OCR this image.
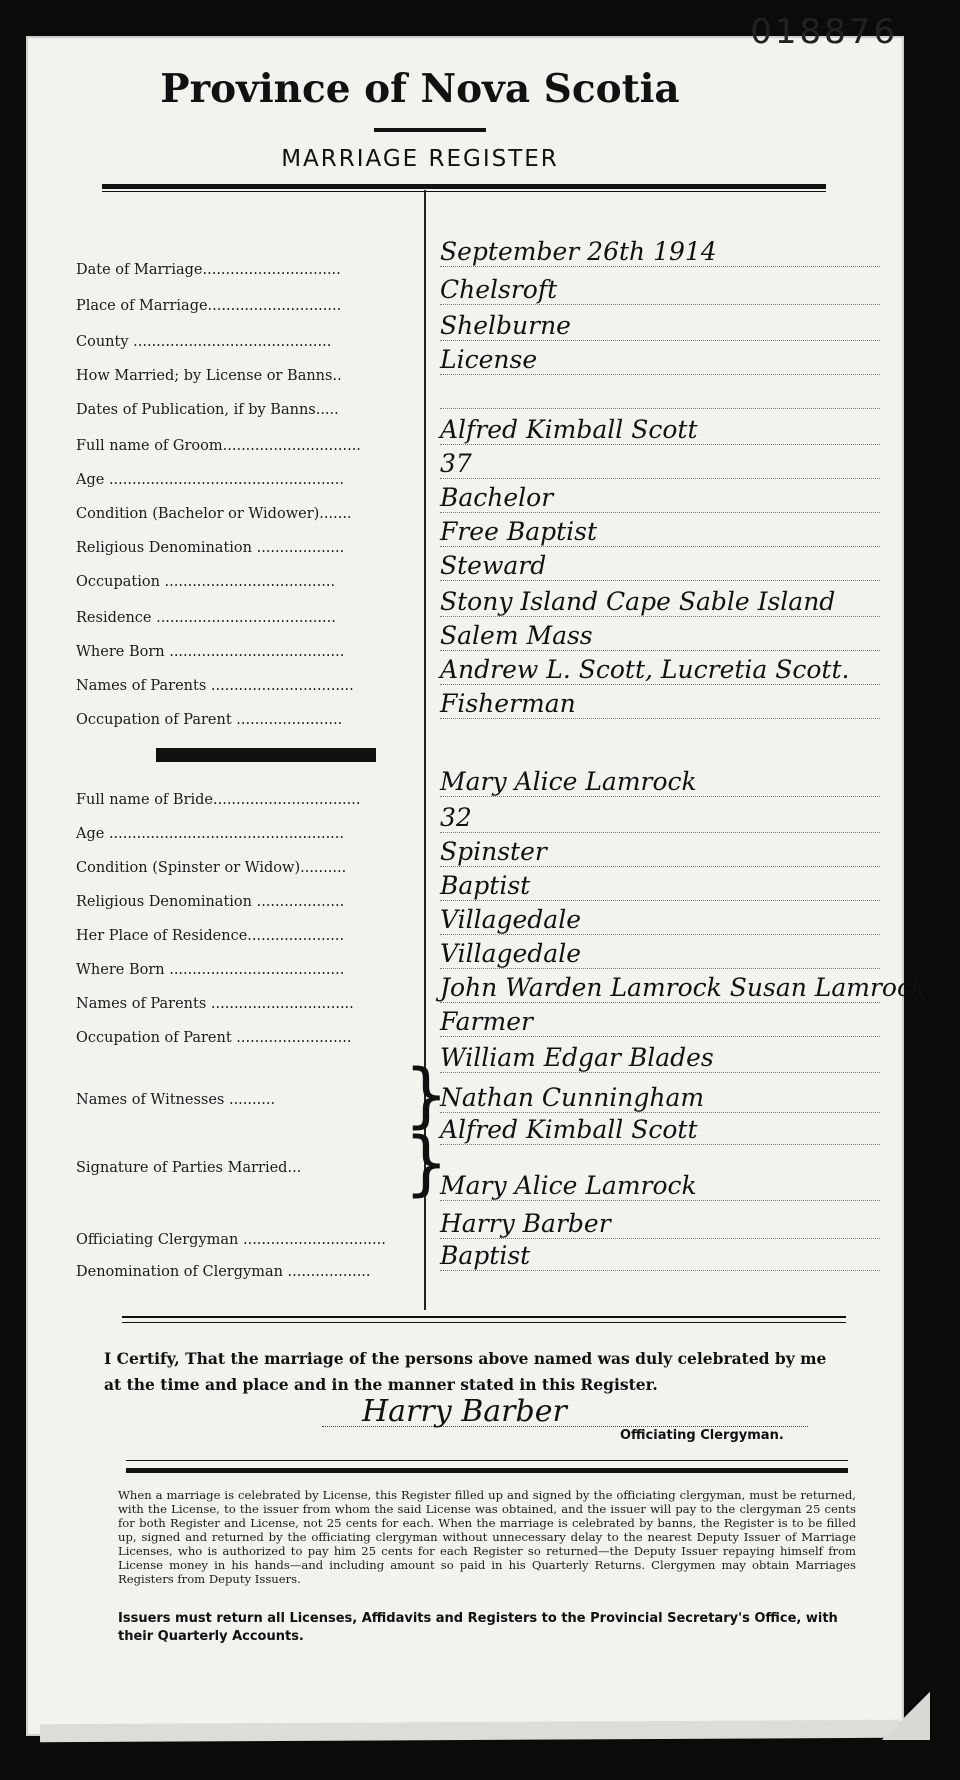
018876
Province of Nova Scotia
MARRIAGE REGISTER
Date of Marriage..............................
September 26th 1914
Place of Marriage.............................
Chelsroft
County ...........................................
Shelburne
How Married; by License or Banns..
License
Dates of Publication, if by Banns.....
Full name of Groom..............................
Alfred Kimball Scott
Age ...................................................
37
Condition (Bachelor or Widower).......
Bachelor
Religious Denomination ...................
Free Baptist
Occupation .....................................
Steward
Residence .......................................
Stony Island Cape Sable Island
Where Born ......................................
Salem Mass
Names of Parents ...............................
Andrew L. Scott, Lucretia Scott.
Occupation of Parent .......................
Fisherman
Full name of Bride................................
Mary Alice Lamrock
Age ...................................................
32
Condition (Spinster or Widow)..........
Spinster
Religious Denomination ...................
Baptist
Her Place of Residence.....................
Villagedale
Where Born ......................................
Villagedale
Names of Parents ...............................
John Warden Lamrock Susan Lamrock
Occupation of Parent .........................
Farmer
Names of Witnesses ..........	}
William Edgar Blades
Nathan Cunningham
Signature of Parties Married...	}
Alfred Kimball Scott
Mary Alice Lamrock
Officiating Clergyman ...............................
Harry Barber
Denomination of Clergyman ..................
Baptist
I Certify, That the marriage of the persons above named was duly celebrated by me at the time and place and in the manner stated in this Register.
Harry Barber
Officiating Clergyman.
When a marriage is celebrated by License, this Register filled up and signed by the officiating clergyman, must be returned, with the License, to the issuer from whom the said License was obtained, and the issuer will pay to the clergyman 25 cents for both Register and License, not 25 cents for each. When the marriage is celebrated by banns, the Register is to be filled up, signed and returned by the officiating clergyman without unnecessary delay to the nearest Deputy Issuer of Marriage Licenses, who is authorized to pay him 25 cents for each Register so returned—the Deputy Issuer repaying himself from License money in his hands—and including amount so paid in his Quarterly Returns. Clergymen may obtain Marriages Registers from Deputy Issuers.
Issuers must return all Licenses, Affidavits and Registers to the Provincial Secretary's Office, with their Quarterly Accounts.
